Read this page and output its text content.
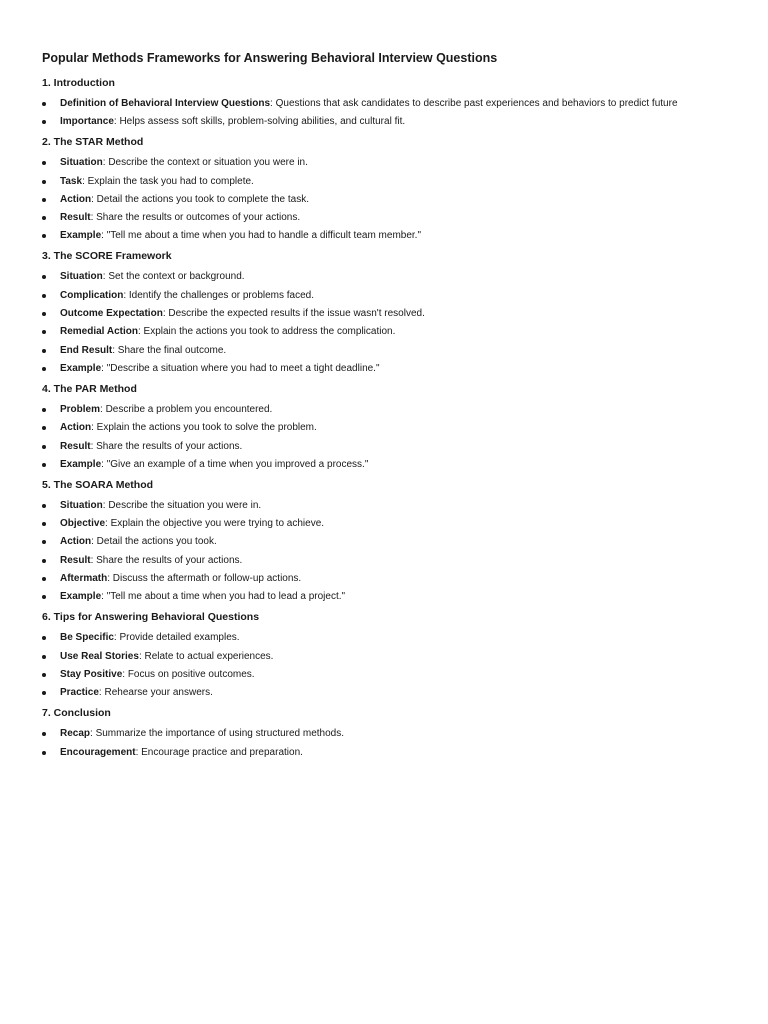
Popular Methods Frameworks for Answering Behavioral Interview Questions
1. Introduction
Definition of Behavioral Interview Questions: Questions that ask candidates to describe past experiences and behaviors to predict future
Importance: Helps assess soft skills, problem-solving abilities, and cultural fit.
2. The STAR Method
Situation: Describe the context or situation you were in.
Task: Explain the task you had to complete.
Action: Detail the actions you took to complete the task.
Result: Share the results or outcomes of your actions.
Example: "Tell me about a time when you had to handle a difficult team member."
3. The SCORE Framework
Situation: Set the context or background.
Complication: Identify the challenges or problems faced.
Outcome Expectation: Describe the expected results if the issue wasn't resolved.
Remedial Action: Explain the actions you took to address the complication.
End Result: Share the final outcome.
Example: "Describe a situation where you had to meet a tight deadline."
4. The PAR Method
Problem: Describe a problem you encountered.
Action: Explain the actions you took to solve the problem.
Result: Share the results of your actions.
Example: "Give an example of a time when you improved a process."
5. The SOARA Method
Situation: Describe the situation you were in.
Objective: Explain the objective you were trying to achieve.
Action: Detail the actions you took.
Result: Share the results of your actions.
Aftermath: Discuss the aftermath or follow-up actions.
Example: "Tell me about a time when you had to lead a project."
6. Tips for Answering Behavioral Questions
Be Specific: Provide detailed examples.
Use Real Stories: Relate to actual experiences.
Stay Positive: Focus on positive outcomes.
Practice: Rehearse your answers.
7. Conclusion
Recap: Summarize the importance of using structured methods.
Encouragement: Encourage practice and preparation.
